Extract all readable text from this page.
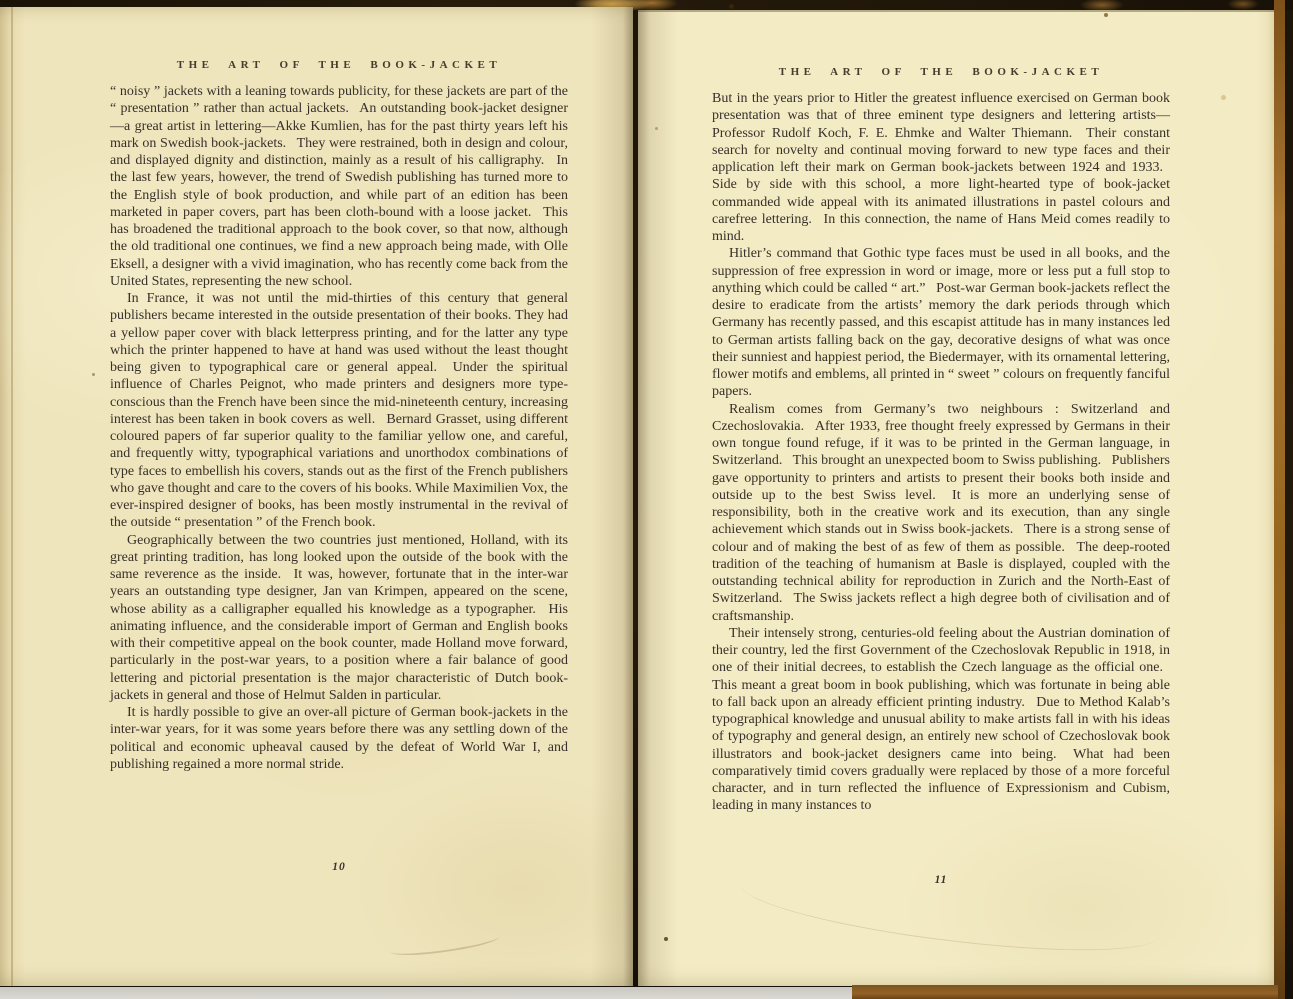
THE ART OF THE BOOK-JACKET

“ noisy ” jackets with a leaning towards publicity, for these jackets are part of the “ presentation ” rather than actual jackets.  An outstanding book-jacket designer—a great artist in lettering—Akke Kumlien, has for the past thirty years left his mark on Swedish book-jackets.  They were restrained, both in design and colour, and displayed dignity and distinction, mainly as a result of his calligraphy.  In the last few years, however, the trend of Swedish publishing has turned more to the English style of book production, and while part of an edition has been marketed in paper covers, part has been cloth-bound with a loose jacket.  This has broadened the traditional approach to the book cover, so that now, although the old traditional one continues, we find a new approach being made, with Olle Eksell, a designer with a vivid imagination, who has recently come back from the United States, representing the new school.

In France, it was not until the mid-thirties of this century that general publishers became interested in the outside presentation of their books. They had a yellow paper cover with black letterpress printing, and for the latter any type which the printer happened to have at hand was used without the least thought being given to typographical care or general appeal.  Under the spiritual influence of Charles Peignot, who made printers and designers more type-conscious than the French have been since the mid-nineteenth century, increasing interest has been taken in book covers as well.  Bernard Grasset, using different coloured papers of far superior quality to the familiar yellow one, and careful, and frequently witty, typographical variations and unorthodox combinations of type faces to embellish his covers, stands out as the first of the French publishers who gave thought and care to the covers of his books. While Maximilien Vox, the ever-inspired designer of books, has been mostly instrumental in the revival of the outside “ presentation ” of the French book.

Geographically between the two countries just mentioned, Holland, with its great printing tradition, has long looked upon the outside of the book with the same reverence as the inside.  It was, however, fortunate that in the inter-war years an outstanding type designer, Jan van Krimpen, appeared on the scene, whose ability as a calligrapher equalled his knowledge as a typographer.  His animating influence, and the considerable import of German and English books with their competitive appeal on the book counter, made Holland move forward, particularly in the post-war years, to a position where a fair balance of good lettering and pictorial presentation is the major characteristic of Dutch book-jackets in general and those of Helmut Salden in particular.

It is hardly possible to give an over-all picture of German book-jackets in the inter-war years, for it was some years before there was any settling down of the political and economic upheaval caused by the defeat of World War I, and publishing regained a more normal stride.

10
THE ART OF THE BOOK-JACKET

But in the years prior to Hitler the greatest influence exercised on German book presentation was that of three eminent type designers and lettering artists—Professor Rudolf Koch, F. E. Ehmke and Walter Thiemann.  Their constant search for novelty and continual moving forward to new type faces and their application left their mark on German book-jackets between 1924 and 1933.  Side by side with this school, a more light-hearted type of book-jacket commanded wide appeal with its animated illustrations in pastel colours and carefree lettering.  In this connection, the name of Hans Meid comes readily to mind.

Hitler’s command that Gothic type faces must be used in all books, and the suppression of free expression in word or image, more or less put a full stop to anything which could be called “ art.”  Post-war German book-jackets reflect the desire to eradicate from the artists’ memory the dark periods through which Germany has recently passed, and this escapist attitude has in many instances led to German artists falling back on the gay, decorative designs of what was once their sunniest and happiest period, the Biedermayer, with its ornamental lettering, flower motifs and emblems, all printed in “ sweet ” colours on frequently fanciful papers.

Realism comes from Germany’s two neighbours : Switzerland and Czechoslovakia.  After 1933, free thought freely expressed by Germans in their own tongue found refuge, if it was to be printed in the German language, in Switzerland.  This brought an unexpected boom to Swiss publishing.  Publishers gave opportunity to printers and artists to present their books both inside and outside up to the best Swiss level.  It is more an underlying sense of responsibility, both in the creative work and its execution, than any single achievement which stands out in Swiss book-jackets.  There is a strong sense of colour and of making the best of as few of them as possible.  The deep-rooted tradition of the teaching of humanism at Basle is displayed, coupled with the outstanding technical ability for reproduction in Zurich and the North-East of Switzerland.  The Swiss jackets reflect a high degree both of civilisation and of craftsmanship.

Their intensely strong, centuries-old feeling about the Austrian domination of their country, led the first Government of the Czechoslovak Republic in 1918, in one of their initial decrees, to establish the Czech language as the official one.  This meant a great boom in book publishing, which was fortunate in being able to fall back upon an already efficient printing industry.  Due to Method Kalab’s typographical knowledge and unusual ability to make artists fall in with his ideas of typography and general design, an entirely new school of Czechoslovak book illustrators and book-jacket designers came into being.  What had been comparatively timid covers gradually were replaced by those of a more forceful character, and in turn reflected the influence of Expressionism and Cubism, leading in many instances to

11
